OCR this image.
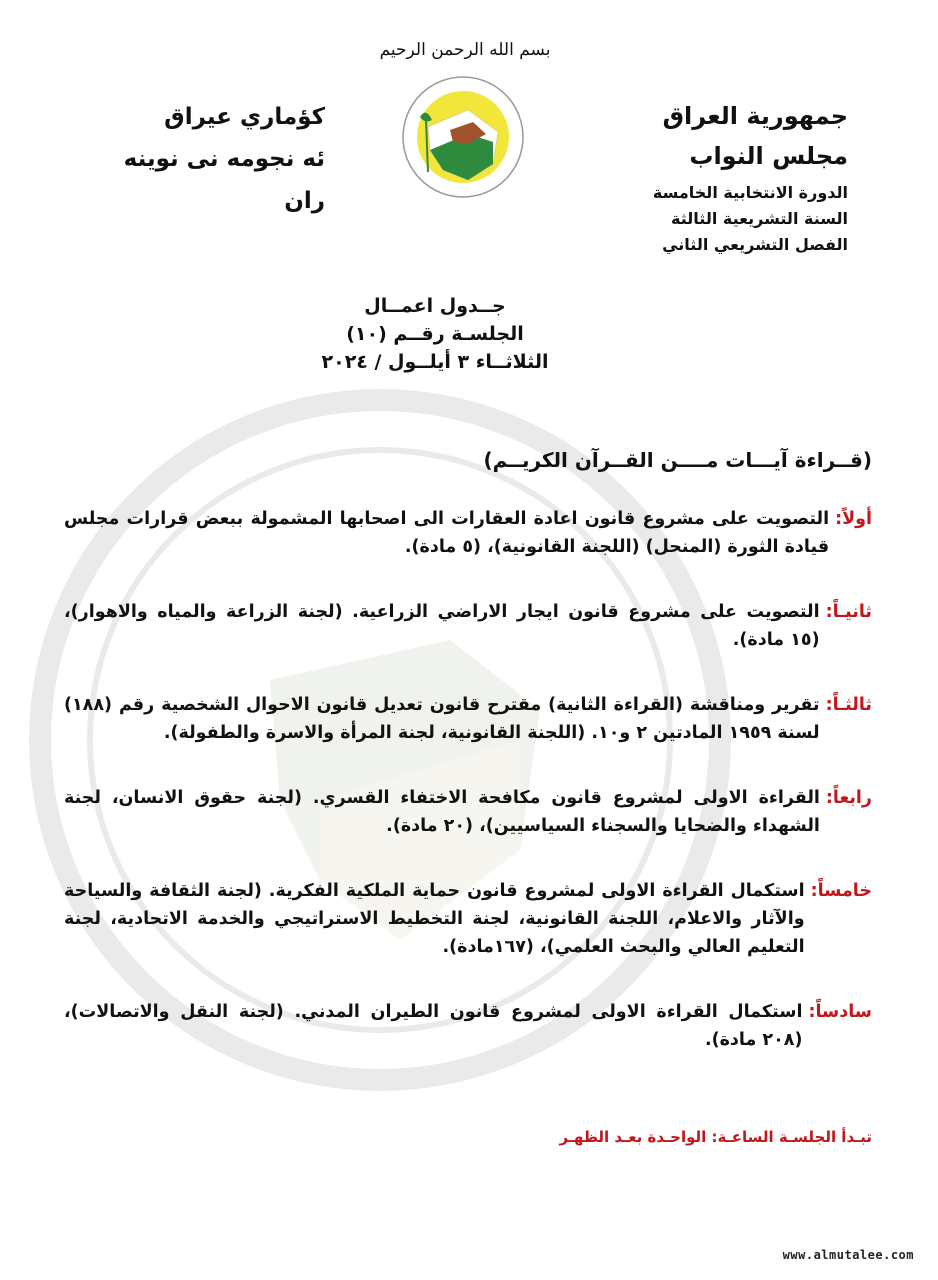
بسم الله الرحمن الرحيم
جمهورية العراق
مجلس النواب
الدورة الانتخابية الخامسة
السنة التشريعية الثالثة
الفصل التشريعي الثاني
كؤماري عيراق
ئه نجومه نى نوينه ران
جــدول اعمــال
الجلسـة رقــم (١٠)
الثلاثــاء ٣ أيلــول / ٢٠٢٤
(قــراءة آيـــات مــــن القــرآن الكريــم)
أولاً:
التصويت على مشروع قانون اعادة العقارات الى اصحابها المشمولة ببعض قرارات مجلس قيادة الثورة (المنحل) (اللجنة القانونية)، (٥ مادة).
ثانيـاً:
التصويت على مشروع قانون ايجار الاراضي الزراعية. (لجنة الزراعة والمياه والاهوار)، (١٥ مادة).
ثالثـاً:
تقرير ومناقشة (القراءة الثانية) مقترح قانون تعديل قانون الاحوال الشخصية رقم (١٨٨) لسنة ١٩٥٩ المادتين ٢ و١٠. (اللجنة القانونية، لجنة المرأة والاسرة والطفولة).
رابعاً:
القراءة الاولى لمشروع قانون مكافحة الاختفاء القسري. (لجنة حقوق الانسان، لجنة الشهداء والضحايا والسجناء السياسيين)، (٢٠ مادة).
خامساً:
استكمال القراءة الاولى لمشروع قانون حماية الملكية الفكرية. (لجنة الثقافة والسياحة والآثار والاعلام، اللجنة القانونية، لجنة التخطيط الاستراتيجي والخدمة الاتحادية، لجنة التعليم العالي والبحث العلمي)، (١٦٧مادة).
سادساً:
استكمال القراءة الاولى لمشروع قانون الطيران المدني. (لجنة النقل والاتصالات)، (٢٠٨ مادة).
تبـدأ الجلسـة الساعـة: الواحـدة بعـد الظهـر
www.almutalee.com
